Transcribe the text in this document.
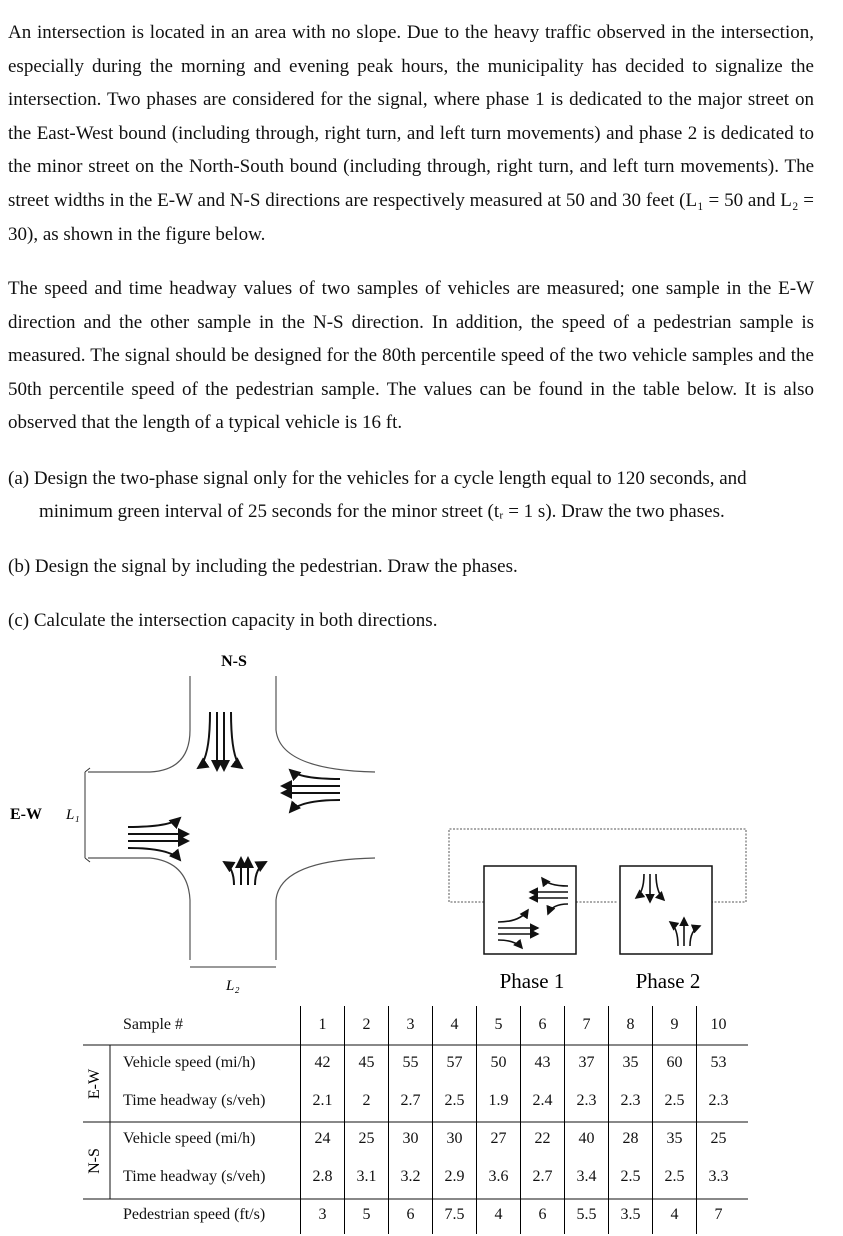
An intersection is located in an area with no slope. Due to the heavy traffic observed in the intersection, especially during the morning and evening peak hours, the municipality has decided to signalize the intersection. Two phases are considered for the signal, where phase 1 is dedicated to the major street on the East-West bound (including through, right turn, and left turn movements) and phase 2 is dedicated to the minor street on the North-South bound (including through, right turn, and left turn movements). The street widths in the E-W and N-S directions are respectively measured at 50 and 30 feet (L₁ = 50 and L₂ = 30), as shown in the figure below.

The speed and time headway values of two samples of vehicles are measured; one sample in the E-W direction and the other sample in the N-S direction. In addition, the speed of a pedestrian sample is measured. The signal should be designed for the 80th percentile speed of the two vehicle samples and the 50th percentile speed of the pedestrian sample. The values can be found in the table below. It is also observed that the length of a typical vehicle is 16 ft.

(a) Design the two-phase signal only for the vehicles for a cycle length equal to 120 seconds, and
minimum green interval of 25 seconds for the minor street (tᵣ = 1 s). Draw the two phases.

(b) Design the signal by including the pedestrian. Draw the phases.

(c) Calculate the intersection capacity in both directions.

N-S
E-W L₁
L₂	Phase 1	Phase 2
E-W
N-S
Sample #	1	2	3	4	5	6	7	8	9	10
Vehicle speed (mi/h)	42	45	55	57	50	43	37	35	60	53
Time headway (s/veh)	2.1	2	2.7	2.5	1.9	2.4	2.3	2.3	2.5	2.3
Vehicle speed (mi/h)	24	25	30	30	27	22	40	28	35	25
Time headway (s/veh)	2.8	3.1	3.2	2.9	3.6	2.7	3.4	2.5	2.5	3.3
Pedestrian speed (ft/s)	3	5	6	7.5	4	6	5.5	3.5	4	7
